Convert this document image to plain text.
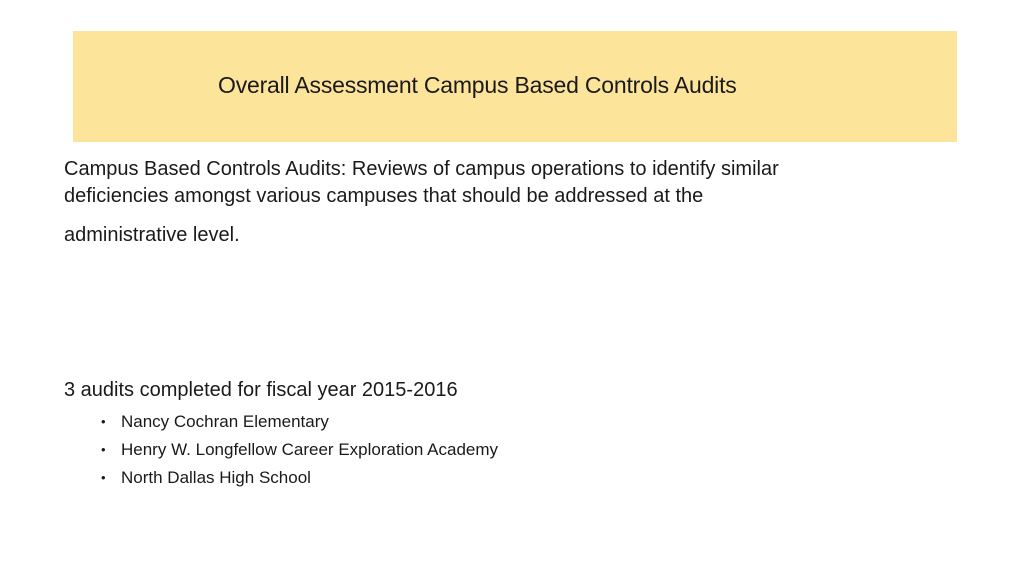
Overall Assessment Campus Based Controls Audits

Campus Based Controls Audits: Reviews of campus operations to identify similar
deficiencies amongst various campuses that should be addressed at the
administrative level.

3 audits completed for fiscal year 2015-2016

• Nancy Cochran Elementary
• Henry W. Longfellow Career Exploration Academy
• North Dallas High School
